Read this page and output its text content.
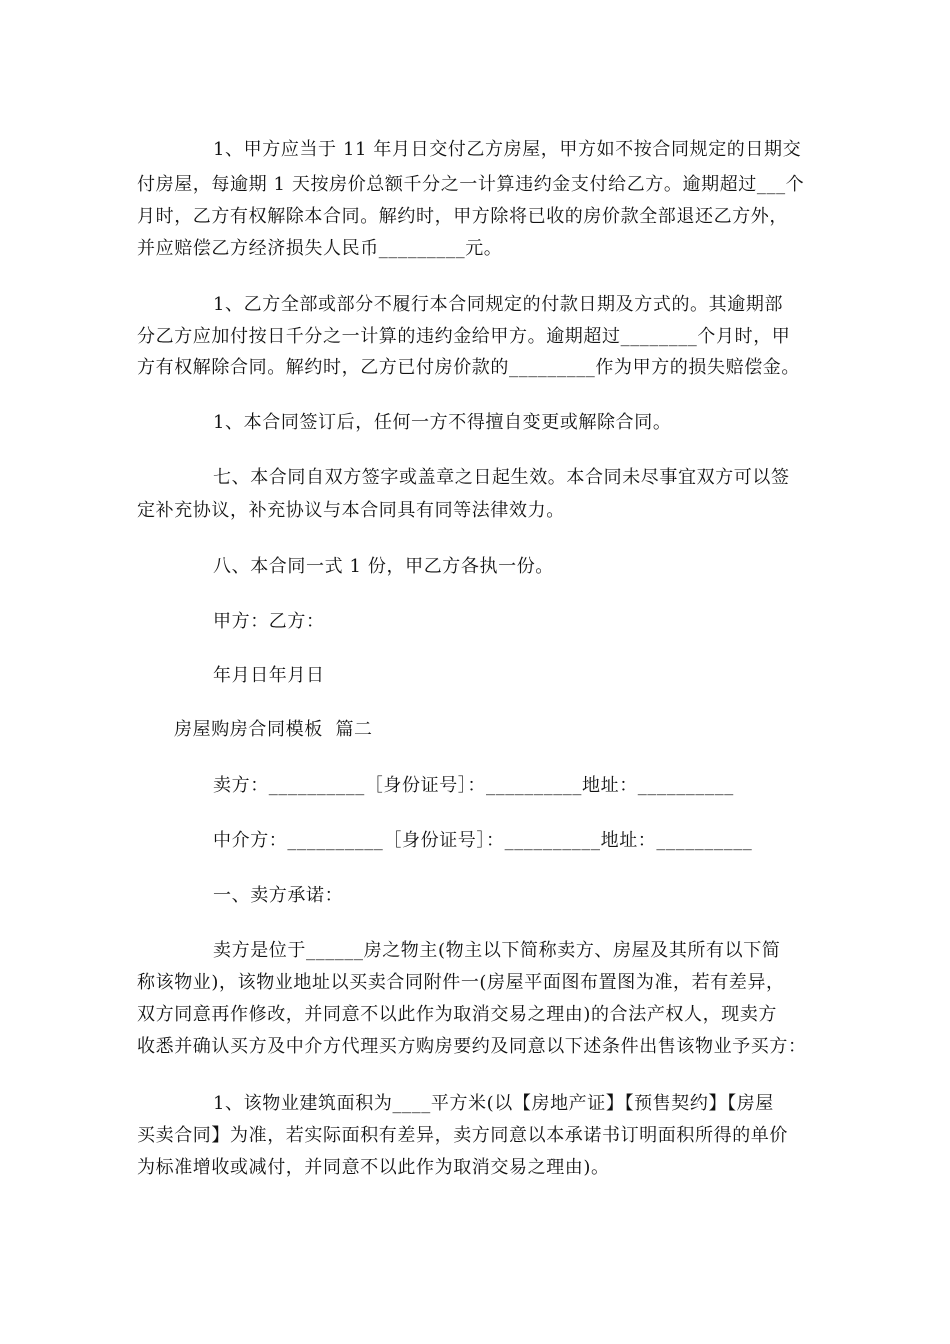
1、甲方应当于 11 年月日交付乙方房屋，甲方如不按合同规定的日期交
付房屋，每逾期 1 天按房价总额千分之一计算违约金支付给乙方。逾期超过___个
月时，乙方有权解除本合同。解约时，甲方除将已收的房价款全部退还乙方外，
并应赔偿乙方经济损失人民币_________元。
1、乙方全部或部分不履行本合同规定的付款日期及方式的。其逾期部
分乙方应加付按日千分之一计算的违约金给甲方。逾期超过________个月时，甲
方有权解除合同。解约时，乙方已付房价款的_________作为甲方的损失赔偿金。
1、本合同签订后，任何一方不得擅自变更或解除合同。
七、本合同自双方签字或盖章之日起生效。本合同未尽事宜双方可以签
定补充协议，补充协议与本合同具有同等法律效力。
八、本合同一式 1 份，甲乙方各执一份。
甲方：乙方：
年月日年月日
房屋购房合同模板  篇二
卖方：__________［身份证号］：__________地址：__________
中介方：__________［身份证号］：__________地址：__________
一、卖方承诺：
卖方是位于______房之物主(物主以下简称卖方、房屋及其所有以下简
称该物业)，该物业地址以买卖合同附件一(房屋平面图布置图为准，若有差异，
双方同意再作修改，并同意不以此作为取消交易之理由)的合法产权人，现卖方
收悉并确认买方及中介方代理买方购房要约及同意以下述条件出售该物业予买方：
1、该物业建筑面积为____平方米(以【房地产证】【预售契约】【房屋
买卖合同】为准，若实际面积有差异，卖方同意以本承诺书订明面积所得的单价
为标准增收或减付，并同意不以此作为取消交易之理由)。
